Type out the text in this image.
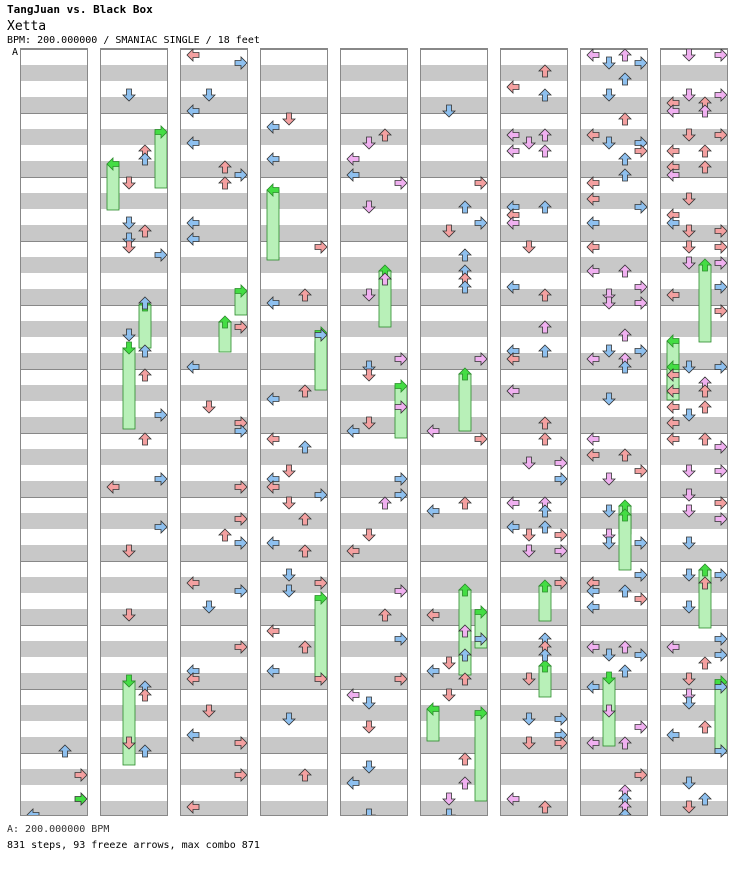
TangJuan vs. Black Box
Xetta
BPM: 200.000000 / SMANIAC SINGLE / 18 feet
A
A: 200.000000 BPM
831 steps, 93 freeze arrows, max combo 871
